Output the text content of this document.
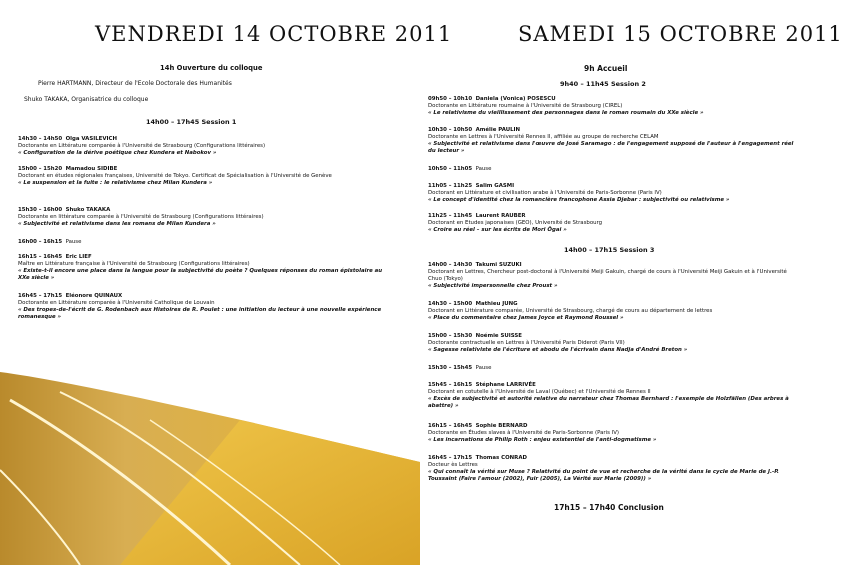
VENDREDI 14 OCTOBRE 2011
14h Ouverture du colloque
Pierre HARTMANN, Directeur de l'Ecole Doctorale des Humanités
Shuko TAKAKA, Organisatrice du colloque
14h00 – 17h45 Session 1
14h30 – 14h50 Olga VASILEVICH
Doctorante en Littérature comparée à l'Université de Strasbourg (Configurations littéraires)
« Configuration de la dérive poétique chez Kundera et Nabokov »
15h00 – 15h20 Mamadou SIDIBE
Doctorant en études régionales françaises, Université de Tokyo. Certificat de Spécialisation à l'Université de Genève
« Le suspension et la fuite : le relativisme chez Milan Kundera »
15h30 – 16h00 Shuko TAKAKA
Doctorante en littérature comparée à l'Université de Strasbourg (Configurations littéraires)
« Subjectivité et relativisme dans les romans de Milan Kundera »
16h00 – 16h15 Pause
16h15 – 16h45 Eric LIEF
Maître en Littérature française à l'Université de Strasbourg (Configurations littéraires)
« Existe-t-il encore une place dans la langue pour la subjectivité du poète ? Quelques réponses du roman épistolaire au XXe siècle »
16h45 – 17h15 Eléonore QUINAUX
Doctorante en Littérature comparée à l'Université Catholique de Louvain
« Des tropes-de-l'écrit de G. Rodenbach aux Histoires de R. Poulet : une initiation du lecteur à une nouvelle expérience romanesque »
SAMEDI 15 OCTOBRE 2011
9h Accueil
9h40 – 11h45 Session 2
09h50 – 10h10 Daniela (Vonica) POSESCU
Doctorante en Littérature roumaine à l'Université de Strasbourg (CIREL)
« Le relativisme du vieillissement des personnages dans le roman roumain du XXe siècle »
10h30 – 10h50 Amélie PAULIN
Doctorante en Lettres à l'Université Rennes II, affiliée au groupe de recherche CELAM
« Subjectivité et relativisme dans l'œuvre de José Saramago : de l'engagement supposé de l'auteur à l'engagement réel du lecteur »
10h50 – 11h05 Pause
11h05 – 11h25 Salim GASMI
Doctorant en Littérature et civilisation arabe à l'Université de Paris-Sorbonne (Paris IV)
« Le concept d'identité chez la romancière francophone Assia Djebar : subjectivité ou relativisme »
11h25 – 11h45 Laurent RAUBER
Doctorant en Etudes japonaises (GEO), Université de Strasbourg
« Croire au réel – sur les écrits de Mori Ōgai »
14h00 – 17h15 Session 3
14h00 – 14h30 Takumi SUZUKI
Doctorant en Lettres, Chercheur post-doctoral à l'Université Meiji Gakuin, chargé de cours à l'Université Meiji Gakuin et à l'Université Chuo (Tokyo)
« Subjectivité impersonnelle chez Proust »
14h30 – 15h00 Mathieu JUNG
Doctorant en Littérature comparée, Université de Strasbourg, chargé de cours au département de lettres
« Place du commentaire chez James Joyce et Raymond Roussel »
15h00 – 15h30 Noémie SUISSE
Doctorante contractuelle en Lettres à l'Université Paris Diderot (Paris VII)
« Sagesse relativiste de l'écriture et abodu de l'écrivain dans Nadja d'André Breton »
15h30 – 15h45 Pause
15h45 – 16h15 Stéphane LARRIVÉE
Doctorant en cotutelle à l'Université de Laval (Québec) et l'Université de Rennes II
« Excès de subjectivité et autorité relative du narrateur chez Thomas Bernhard : l'exemple de Holzfällen (Des arbres à abattre) »
16h15 – 16h45 Sophie BERNARD
Doctorante en Études slaves à l'Université de Paris-Sorbonne (Paris IV)
« Les incarnations de Philip Roth : enjeu existentiel de l'anti-dogmatisme »
16h45 – 17h15 Thomas CONRAD
Docteur ès Lettres
« Qui connaît la vérité sur Muse ? Relativité du point de vue et recherche de la vérité dans le cycle de Marie de J.-P. Toussaint (Faire l'amour (2002), Fuir (2005), La Vérité sur Marie (2009)) »
17h15 – 17h40 Conclusion
